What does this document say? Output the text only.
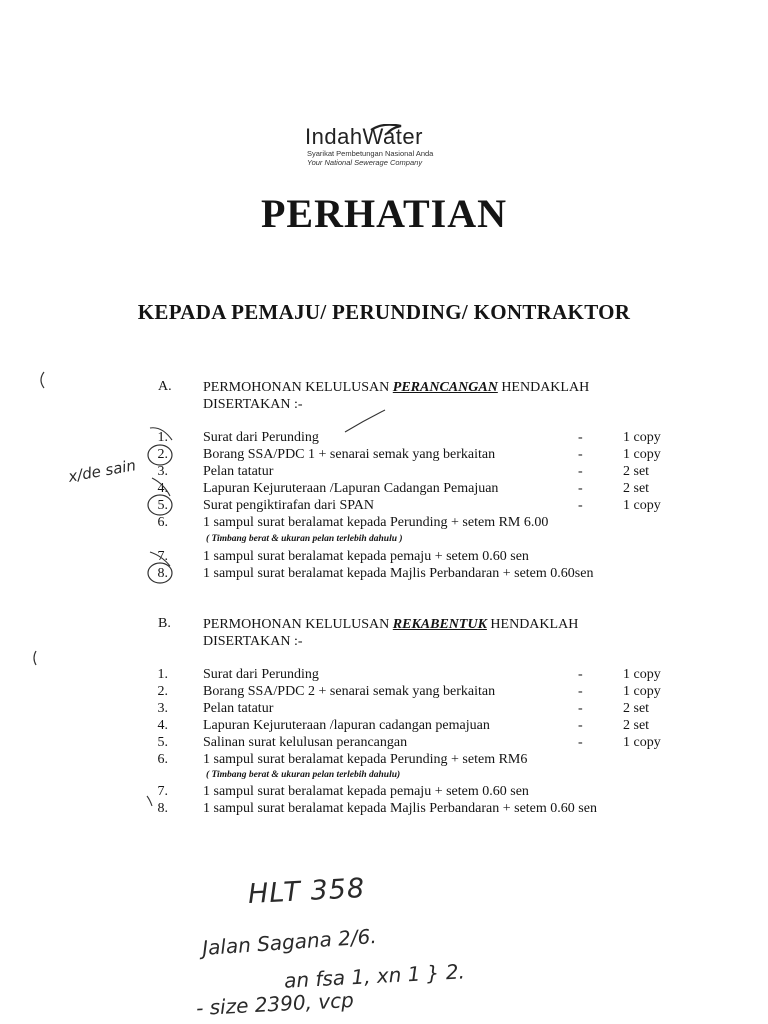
IndahWater
Syarikat Pembetungan Nasional Anda
Your National Sewerage Company
PERHATIAN
KEPADA PEMAJU/ PERUNDING/ KONTRAKTOR
A. PERMOHONAN KELULUSAN PERANCANGAN HENDAKLAH DISERTAKAN :-
1.	Surat dari Perunding	-	1 copy
2.	Borang SSA/PDC 1 + senarai semak yang berkaitan	-	1 copy
3.	Pelan tatatur	-	2 set
4.	Lapuran Kejuruteraan /Lapuran Cadangan Pemajuan	-	2 set
5.	Surat pengiktirafan dari SPAN	-	1 copy
6.	1 sampul surat beralamat kepada Perunding + setem RM 6.00
( Timbang berat & ukuran pelan terlebih dahulu )
7.	1 sampul surat beralamat kepada pemaju + setem 0.60 sen
8.	1 sampul surat beralamat kepada Majlis Perbandaran + setem 0.60sen
B. PERMOHONAN KELULUSAN REKABENTUK HENDAKLAH DISERTAKAN :-
1.	Surat dari Perunding	-	1 copy
2.	Borang SSA/PDC 2 + senarai semak yang berkaitan	-	1 copy
3.	Pelan tatatur	-	2 set
4.	Lapuran Kejuruteraan /lapuran cadangan pemajuan	-	2 set
5.	Salinan surat kelulusan perancangan	-	1 copy
6.	1 sampul surat beralamat kepada Perunding + setem RM6
( Timbang berat & ukuran pelan terlebih dahulu)
7.	1 sampul surat beralamat kepada pemaju + setem 0.60 sen
8.	1 sampul surat beralamat kepada Majlis Perbandaran + setem 0.60 sen
x/de sain
HLT 358
Jalan Sagana 2/6.
an fsa 1, xn 1 } 2.
- size 2390, vcp
